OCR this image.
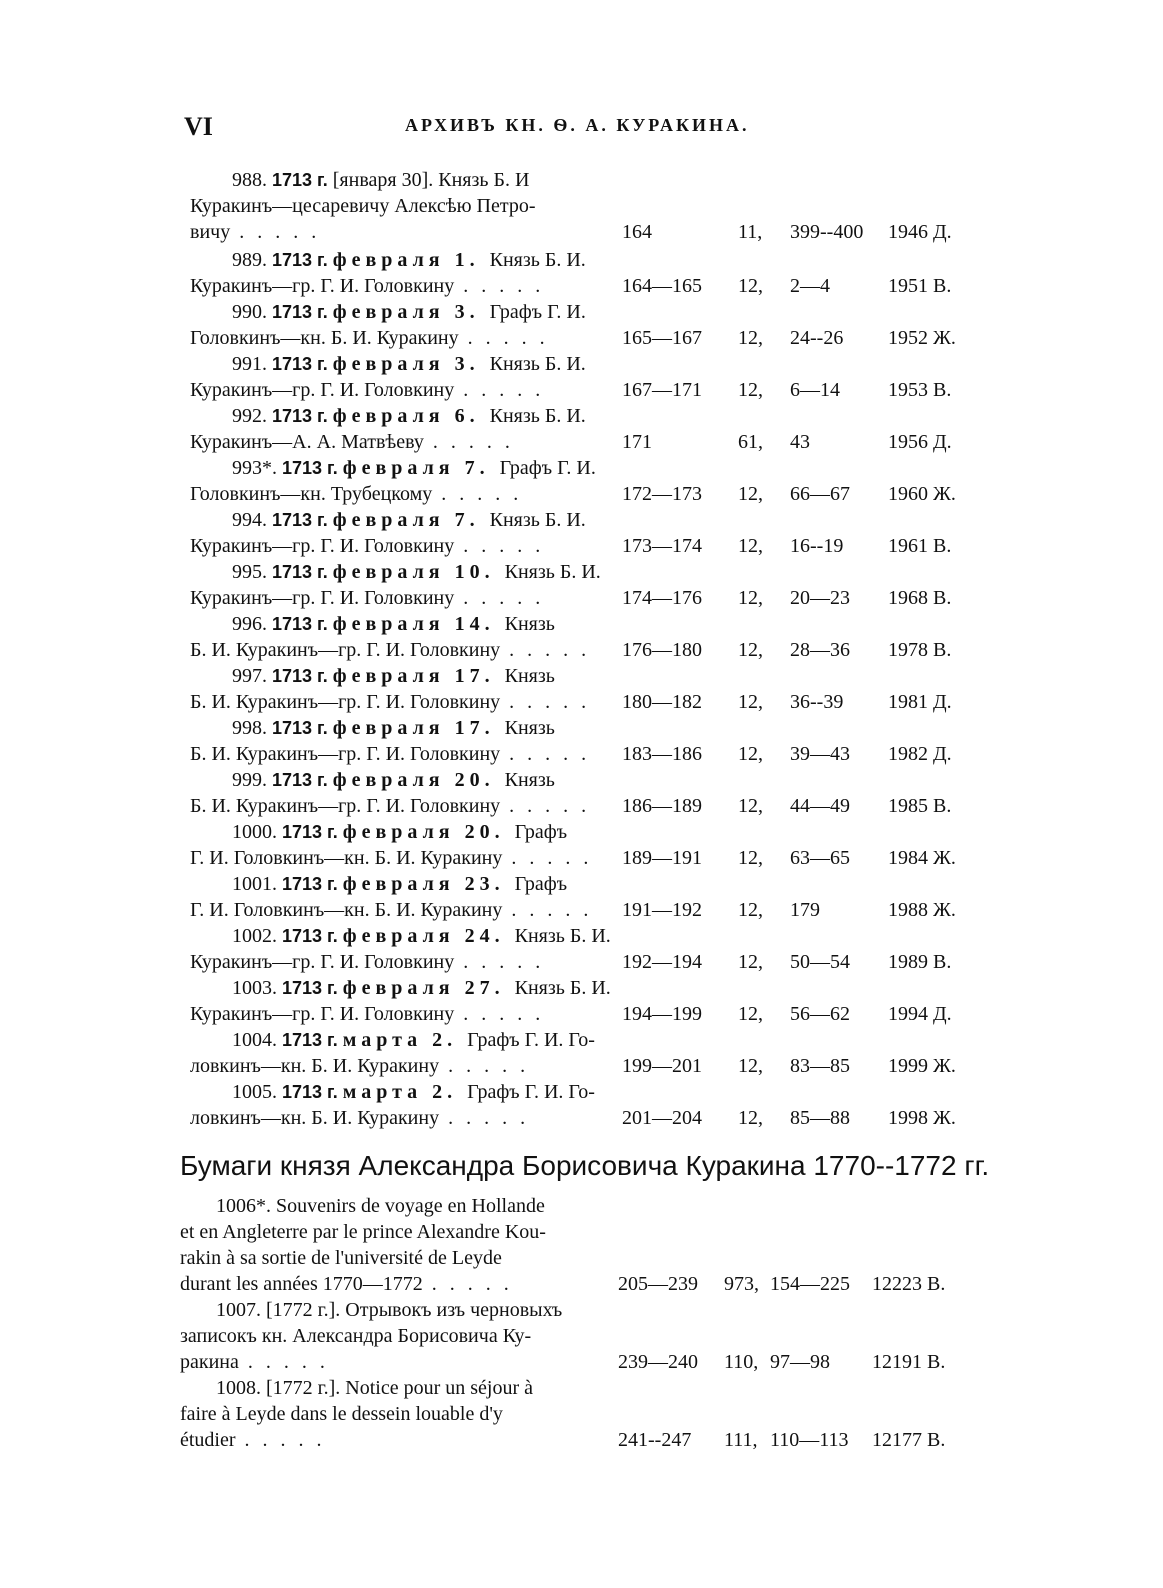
VI	АРХИВЪ КН. Ѳ. А. КУРАКИНА.
988. 1713 г. [января 30]. Князь Б. И
Куракинъ—цесаревичу Алексѣю Петро-
вичу . . . . .	164	11, 399--400 1946 Д.
989. 1713 г. февраля 1. Князь Б. И.
Куракинъ—гр. Г. И. Головкину . . . . .	164—165 12, 2—4	1951 В.
990. 1713 г. февраля 3. Графъ Г. И.
Головкинъ—кн. Б. И. Куракину . . . . .	165—167 12, 24--26 1952 Ж.
991. 1713 г. февраля 3. Князь Б. И.
Куракинъ—гр. Г. И. Головкину . . . . .	167—171 12, 6—14 1953 В.
992. 1713 г. февраля 6. Князь Б. И.
Куракинъ—А. А. Матвѣеву . . . . .	171	61, 43	1956 Д.
993*. 1713 г. февраля 7. Графъ Г. И.
Головкинъ—кн. Трубецкому . . . . .	172—173 12, 66—67 1960 Ж.
994. 1713 г. февраля 7. Князь Б. И.
Куракинъ—гр. Г. И. Головкину . . . . .	173—174 12, 16--19 1961 В.
995. 1713 г. февраля 10. Князь Б. И.
Куракинъ—гр. Г. И. Головкину . . . . .	174—176 12, 20—23 1968 В.
996. 1713 г. февраля 14. Князь
Б. И. Куракинъ—гр. Г. И. Головкину . . . . . 176—180 12, 28—36 1978 В.
997. 1713 г. февраля 17. Князь
Б. И. Куракинъ—гр. Г. И. Головкину . . . . . 180—182 12, 36--39 1981 Д.
998. 1713 г. февраля 17. Князь
Б. И. Куракинъ—гр. Г. И. Головкину . . . . . 183—186 12, 39—43 1982 Д.
999. 1713 г. февраля 20. Князь
Б. И. Куракинъ—гр. Г. И. Головкину . . . . . 186—189 12, 44—49 1985 В.
1000. 1713 г. февраля 20. Графъ
Г. И. Головкинъ—кн. Б. И. Куракину . . . . . 189—191 12, 63—65 1984 Ж.
1001. 1713 г. февраля 23. Графъ
Г. И. Головкинъ—кн. Б. И. Куракину . . . . . 191—192 12, 179	1988 Ж.
1002. 1713 г. февраля 24. Князь Б. И.
Куракинъ—гр. Г. И. Головкину . . . . .	192—194 12, 50—54 1989 В.
1003. 1713 г. февраля 27. Князь Б. И.
Куракинъ—гр. Г. И. Головкину . . . . .	194—199 12, 56—62 1994 Д.
1004. 1713 г. марта 2. Графъ Г. И. Го-
ловкинъ—кн. Б. И. Куракину . . . . .	199—201 12, 83—85 1999 Ж.
1005. 1713 г. марта 2. Графъ Г. И. Го-
ловкинъ—кн. Б. И. Куракину . . . . .	201—204 12, 85—88 1998 Ж.
Бумаги князя Александра Борисовича Куракина 1770--1772 гг.
1006*. Souvenirs de voyage en Hollande
et en Angleterre par le prince Alexandre Kou-
rakin à sa sortie de l'université de Leyde
durant les années 1770—1772 . . . . .	205—239 973, 154—225 12223 В.
1007. [1772 г.]. Отрывокъ изъ черновыхъ
записокъ кн. Александра Борисовича Ку-
ракина . . . . .	239—240 110, 97—98 12191 В.
1008. [1772 г.]. Notice pour un séjour à
faire à Leyde dans le dessein louable d'y
étudier . . . . .	241--247 111, 110—113 12177 В.
